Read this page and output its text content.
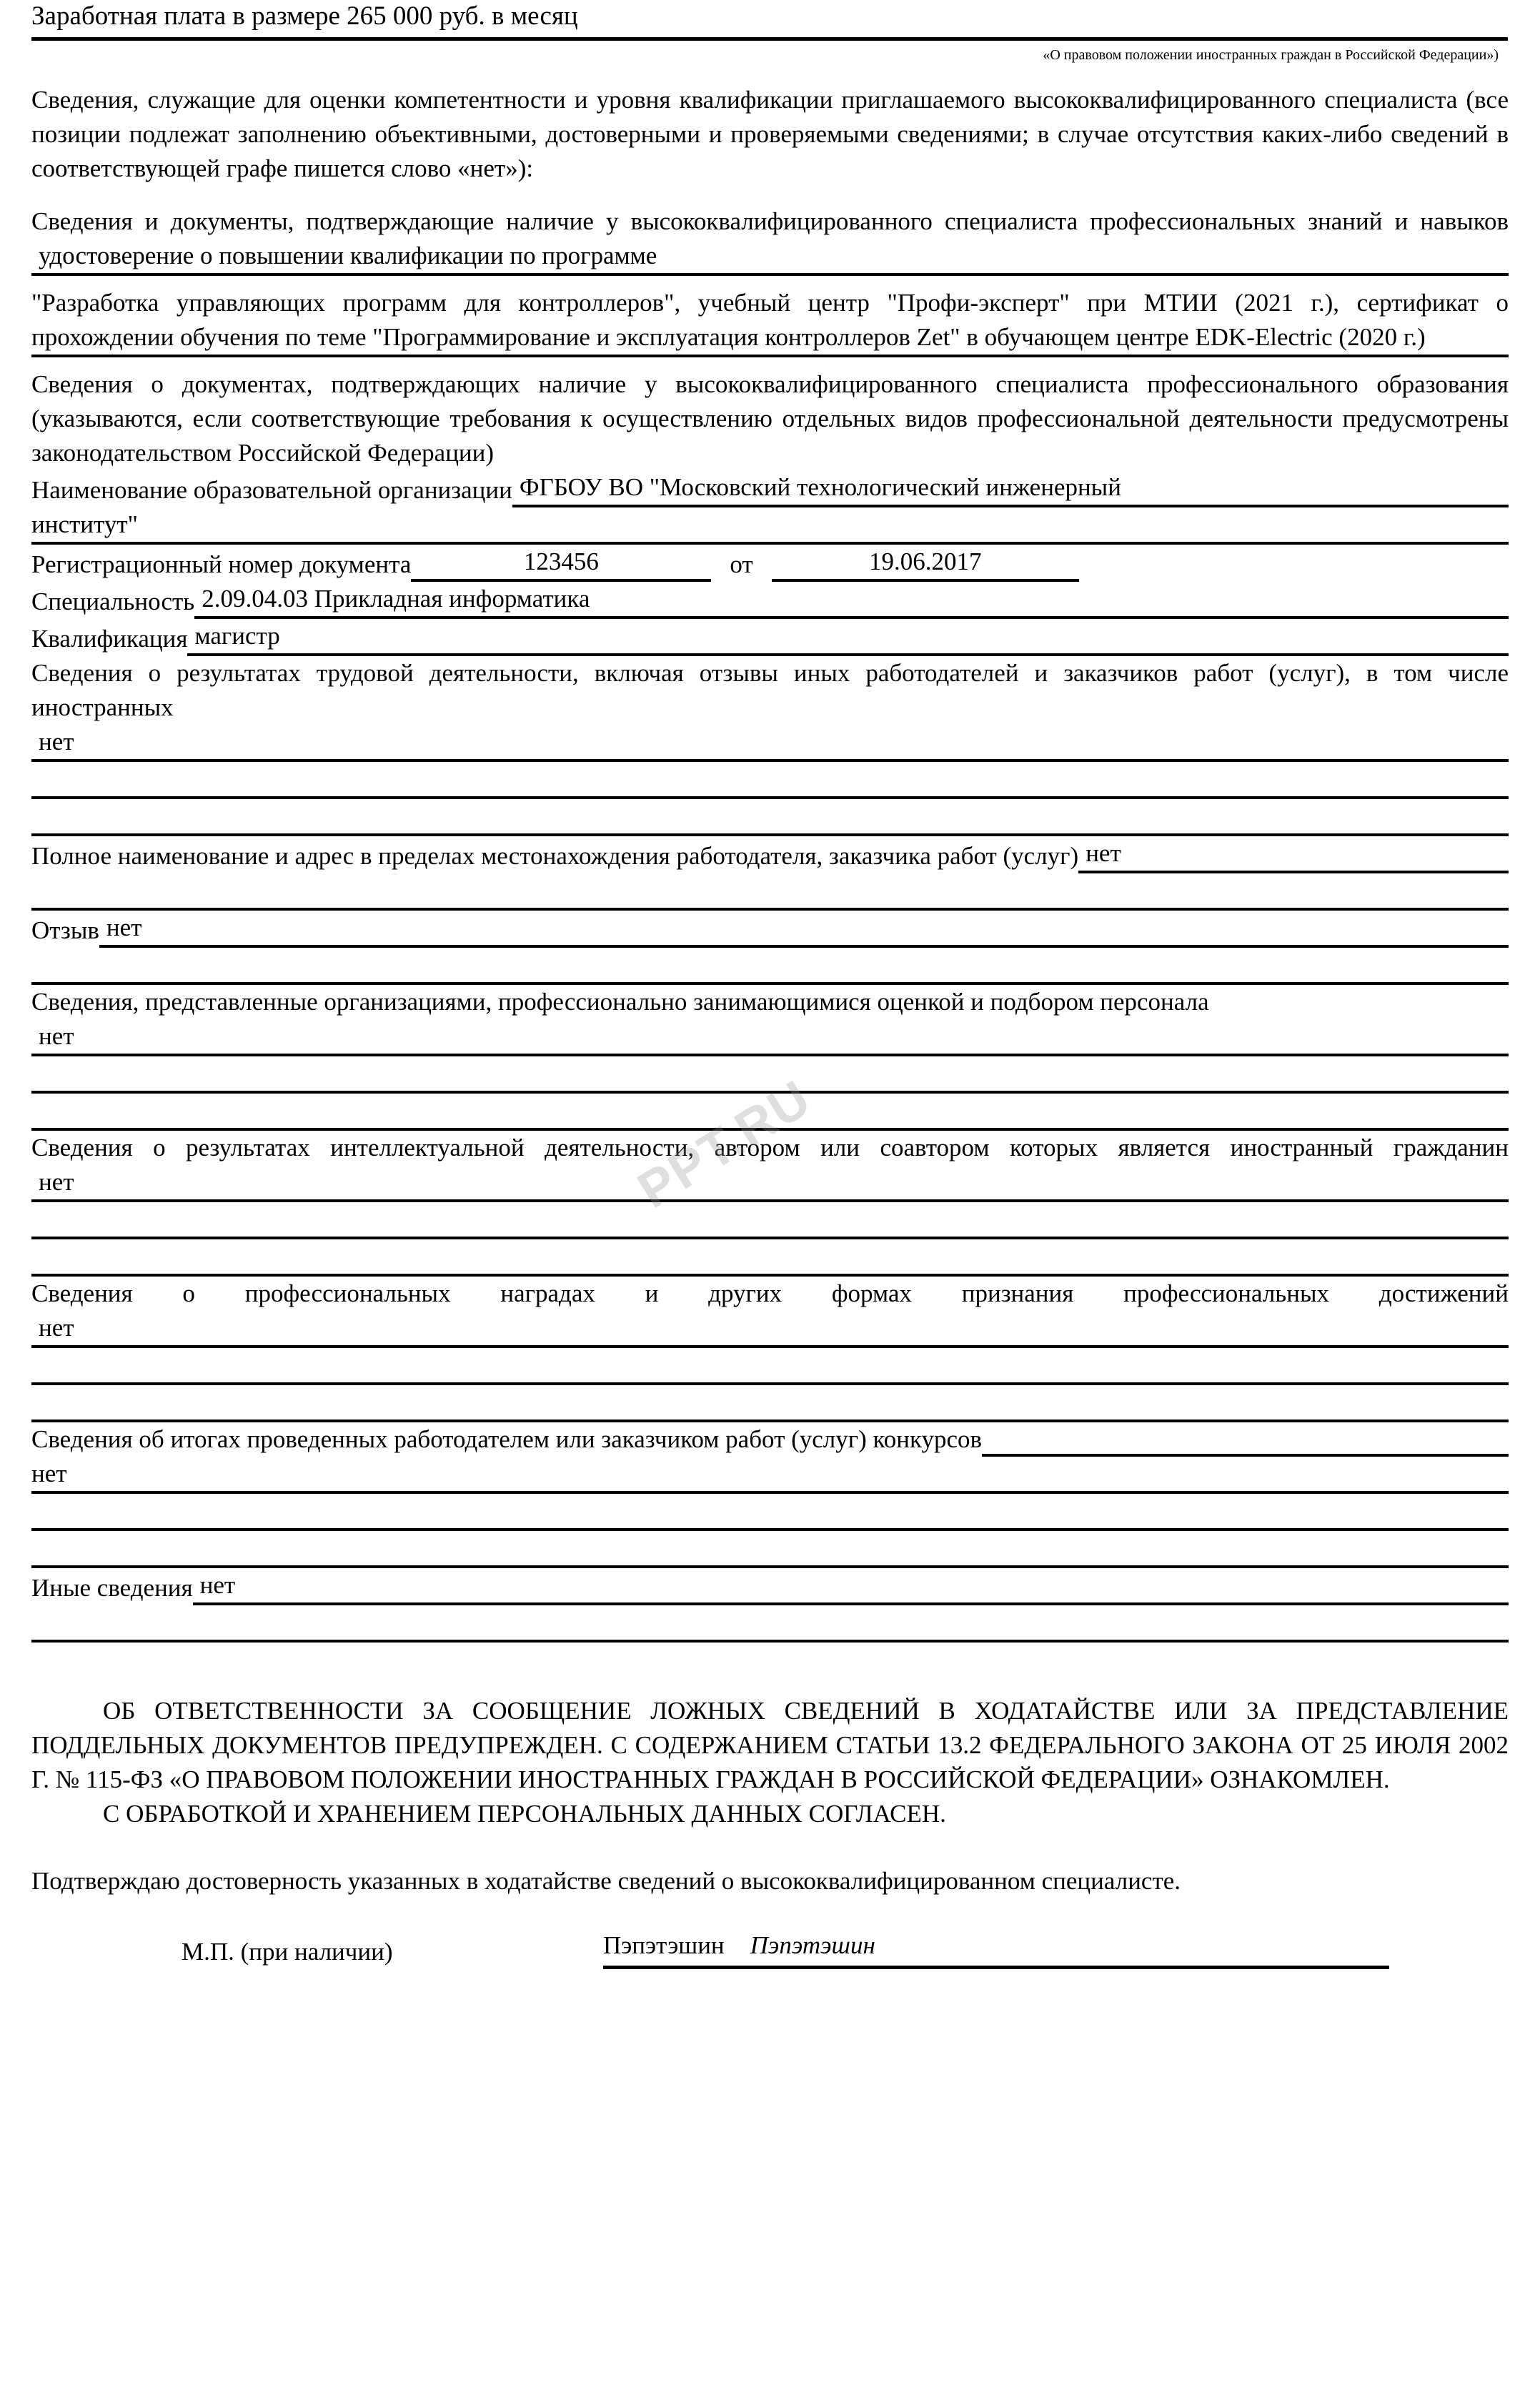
PPT.RU
Заработная плата в размере 265 000 руб. в месяц
«О правовом положении иностранных граждан в Российской Федерации»)
Сведения, служащие для оценки компетентности и уровня квалификации приглашаемого высококвалифицированного специалиста (все позиции подлежат заполнению объективными, достоверными и проверяемыми сведениями; в случае отсутствия каких-либо сведений в соответствующей графе пишется слово «нет»):
Сведения и документы, подтверждающие наличие у высококвалифицированного специалиста профессиональных знаний и навыков
удостоверение о повышении квалификации по программе
"Разработка управляющих программ для контроллеров", учебный центр "Профи-эксперт" при МТИИ (2021 г.), сертификат о прохождении обучения по теме "Программирование и эксплуатация контроллеров Zet" в обучающем центре EDK-Electric (2020 г.)
Сведения о документах, подтверждающих наличие у высококвалифицированного специалиста профессионального образования (указываются, если соответствующие требования к осуществлению отдельных видов профессиональной деятельности предусмотрены законодательством Российской Федерации)
Наименование образовательной организации ФГБОУ ВО "Московский технологический инженерный
институт"
Регистрационный номер документа	123456	от	19.06.2017
Специальность 2.09.04.03 Прикладная информатика
Квалификация магистр
Сведения о результатах трудовой деятельности, включая отзывы иных работодателей и заказчиков работ (услуг), в том числе иностранных
нет
Полное наименование и адрес в пределах местонахождения работодателя, заказчика работ (услуг) нет
Отзыв нет
Сведения, представленные организациями, профессионально занимающимися оценкой и подбором персонала
нет
Сведения о результатах интеллектуальной деятельности, автором или соавтором которых является иностранный гражданин
нет
Сведения о профессиональных наградах и других формах признания профессиональных достижений
нет
Сведения об итогах проведенных работодателем или заказчиком работ (услуг) конкурсов
нет
Иные сведения нет
ОБ ОТВЕТСТВЕННОСТИ ЗА СООБЩЕНИЕ ЛОЖНЫХ СВЕДЕНИЙ В ХОДАТАЙСТВЕ ИЛИ ЗА ПРЕДСТАВЛЕНИЕ ПОДДЕЛЬНЫХ ДОКУМЕНТОВ ПРЕДУПРЕЖДЕН. С СОДЕРЖАНИЕМ СТАТЬИ 13.2 ФЕДЕРАЛЬНОГО ЗАКОНА ОТ 25 ИЮЛЯ 2002 Г. № 115-ФЗ «О ПРАВОВОМ ПОЛОЖЕНИИ ИНОСТРАННЫХ ГРАЖДАН В РОССИЙСКОЙ ФЕДЕРАЦИИ» ОЗНАКОМЛЕН.
С ОБРАБОТКОЙ И ХРАНЕНИЕМ ПЕРСОНАЛЬНЫХ ДАННЫХ СОГЛАСЕН.
Подтверждаю достоверность указанных в ходатайстве сведений о высококвалифицированном специалисте.
М.П. (при наличии)	Пэпэтэшин Пэпэтэшин
